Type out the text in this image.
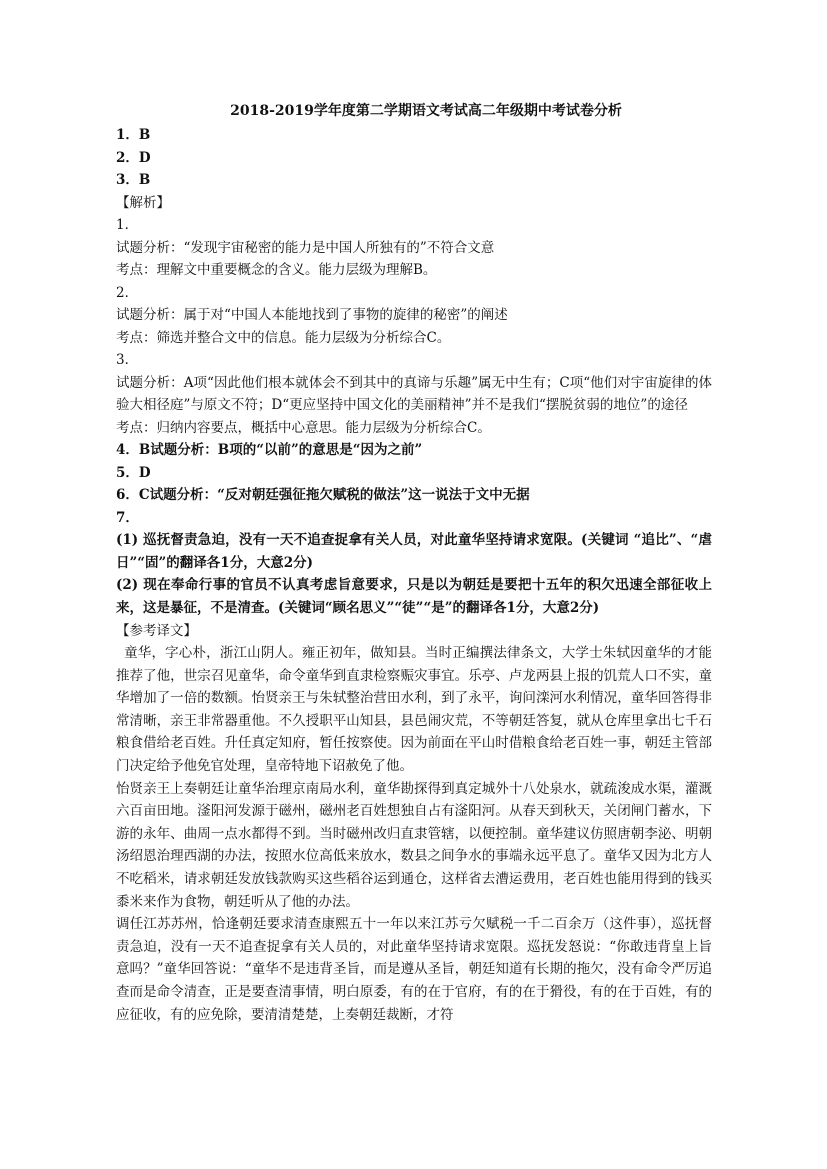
2018-2019学年度第二学期语文考试高二年级期中考试卷分析

1．B

2．D

3．B

【解析】

1．

试题分析：“发现宇宙秘密的能力是中国人所独有的”不符合文意

考点：理解文中重要概念的含义。能力层级为理解B。

2．

试题分析：属于对“中国人本能地找到了事物的旋律的秘密”的阐述

考点：筛选并整合文中的信息。能力层级为分析综合C。

3．

试题分析：A项“因此他们根本就体会不到其中的真谛与乐趣”属无中生有；C项“他们对宇宙旋律的体验大相径庭”与原文不符；D“更应坚持中国文化的美丽精神”并不是我们“摆脱贫弱的地位”的途径

考点：归纳内容要点，概括中心意思。能力层级为分析综合C。

4．B试题分析：B项的“以前”的意思是“因为之前”

5．D

6．C试题分析：“反对朝廷强征拖欠赋税的做法”这一说法于文中无据

7．

(1) 巡抚督责急迫，没有一天不追查捉拿有关人员，对此童华坚持请求宽限。(关键词 “追比”、“虐日”“固”的翻译各1分，大意2分)

(2) 现在奉命行事的官员不认真考虑旨意要求，只是以为朝廷是要把十五年的积欠迅速全部征收上来，这是暴征，不是清查。(关键词“顾名思义”“徒”“是”的翻译各1分，大意2分)

【参考译文】

童华，字心朴，浙江山阴人。雍正初年，做知县。当时正编撰法律条文，大学士朱轼因童华的才能推荐了他，世宗召见童华，命令童华到直隶检察赈灾事宜。乐亭、卢龙两县上报的饥荒人口不实，童华增加了一倍的数额。怡贤亲王与朱轼整治营田水利，到了永平，询问滦河水利情况，童华回答得非常清晰，亲王非常器重他。不久授职平山知县，县邑闹灾荒，不等朝廷答复，就从仓库里拿出七千石粮食借给老百姓。升任真定知府，暂任按察使。因为前面在平山时借粮食给老百姓一事，朝廷主管部门决定给予他免官处理，皇帝特地下诏赦免了他。

怡贤亲王上奏朝廷让童华治理京南局水利，童华勘探得到真定城外十八处泉水，就疏浚成水渠，灌溉六百亩田地。滏阳河发源于磁州，磁州老百姓想独自占有滏阳河。从春天到秋天，关闭闸门蓄水，下游的永年、曲周一点水都得不到。当时磁州改归直隶管辖，以便控制。童华建议仿照唐朝李泌、明朝汤绍恩治理西湖的办法，按照水位高低来放水，数县之间争水的事端永远平息了。童华又因为北方人不吃稻米，请求朝廷发放钱款购买这些稻谷运到通仓，这样省去漕运费用，老百姓也能用得到的钱买黍米来作为食物，朝廷听从了他的办法。

调任江苏苏州，恰逢朝廷要求清查康熙五十一年以来江苏亏欠赋税一千二百余万（这件事），巡抚督责急迫，没有一天不追查捉拿有关人员的，对此童华坚持请求宽限。巡抚发怒说：“你敢违背皇上旨意吗？”童华回答说：“童华不是违背圣旨，而是遵从圣旨，朝廷知道有长期的拖欠，没有命令严厉追查而是命令清查，正是要查清事情，明白原委，有的在于官府，有的在于猾役，有的在于百姓，有的应征收，有的应免除，要清清楚楚，上奏朝廷裁断，才符
